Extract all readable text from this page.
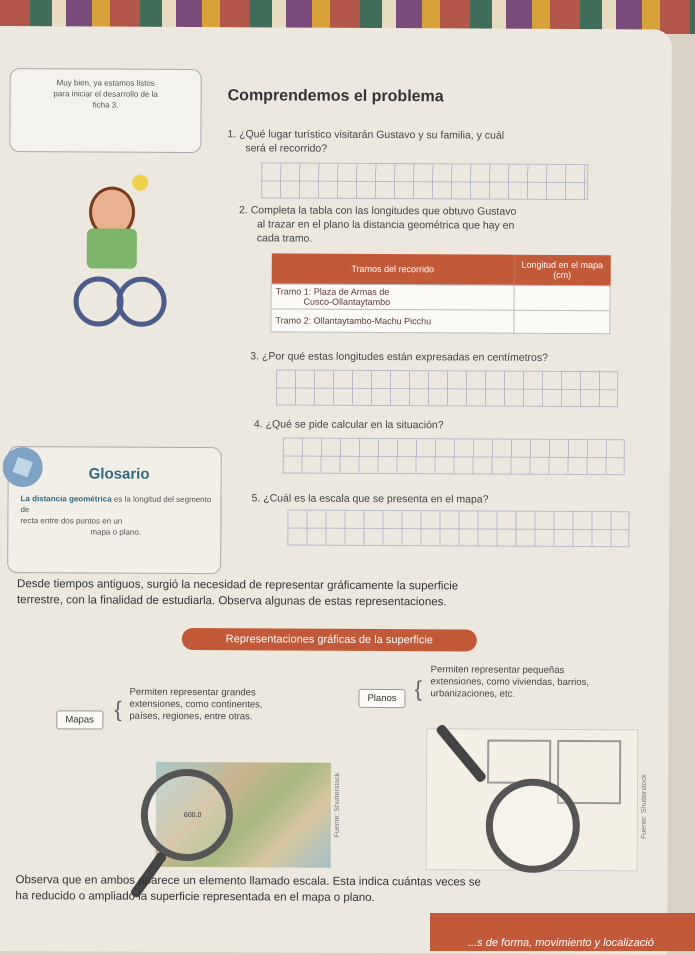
Muy bien, ya estamos listos
para iniciar el desarrollo de la
ficha 3.	Comprendemos el problema
1. ¿Qué lugar turístico visitarán Gustavo y su familia, y cuál
será el recorrido?
2. Completa la tabla con las longitudes que obtuvo Gustavo
al trazar en el plano la distancia geométrica que hay en
cada tramo.
Tramos del recorrido	Longitud en el mapa (cm)

Tramo 1: Plaza de Armas de
Cusco-Ollantaytambo	

Tramo 2: Ollantaytambo-Machu Picchu	
3. ¿Por qué estas longitudes están expresadas en centímetros?
4. ¿Qué se pide calcular en la situación?
Glosario
La distancia geométrica es la longitud del segmento de
recta entre dos puntos en un
mapa o plano.
5. ¿Cuál es la escala que se presenta en el mapa?
Desde tiempos antiguos, surgió la necesidad de representar gráficamente la superficie
terrestre, con la finalidad de estudiarla. Observa algunas de estas representaciones.
Representaciones gráficas de la superficie
Mapas {
Permiten representar grandes
extensiones, como continentes,
países, regiones, entre otras.
Planos {
Permiten representar pequeñas
extensiones, como viviendas, barrios,
urbanizaciones, etc.
600.0	Fuente: Shutterstock	Fuente: Shutterstock
Observa que en ambos aparece un elemento llamado escala. Esta indica cuántas veces se
ha reducido o ampliado la superficie representada en el mapa o plano.
...s de forma, movimiento y localizació
